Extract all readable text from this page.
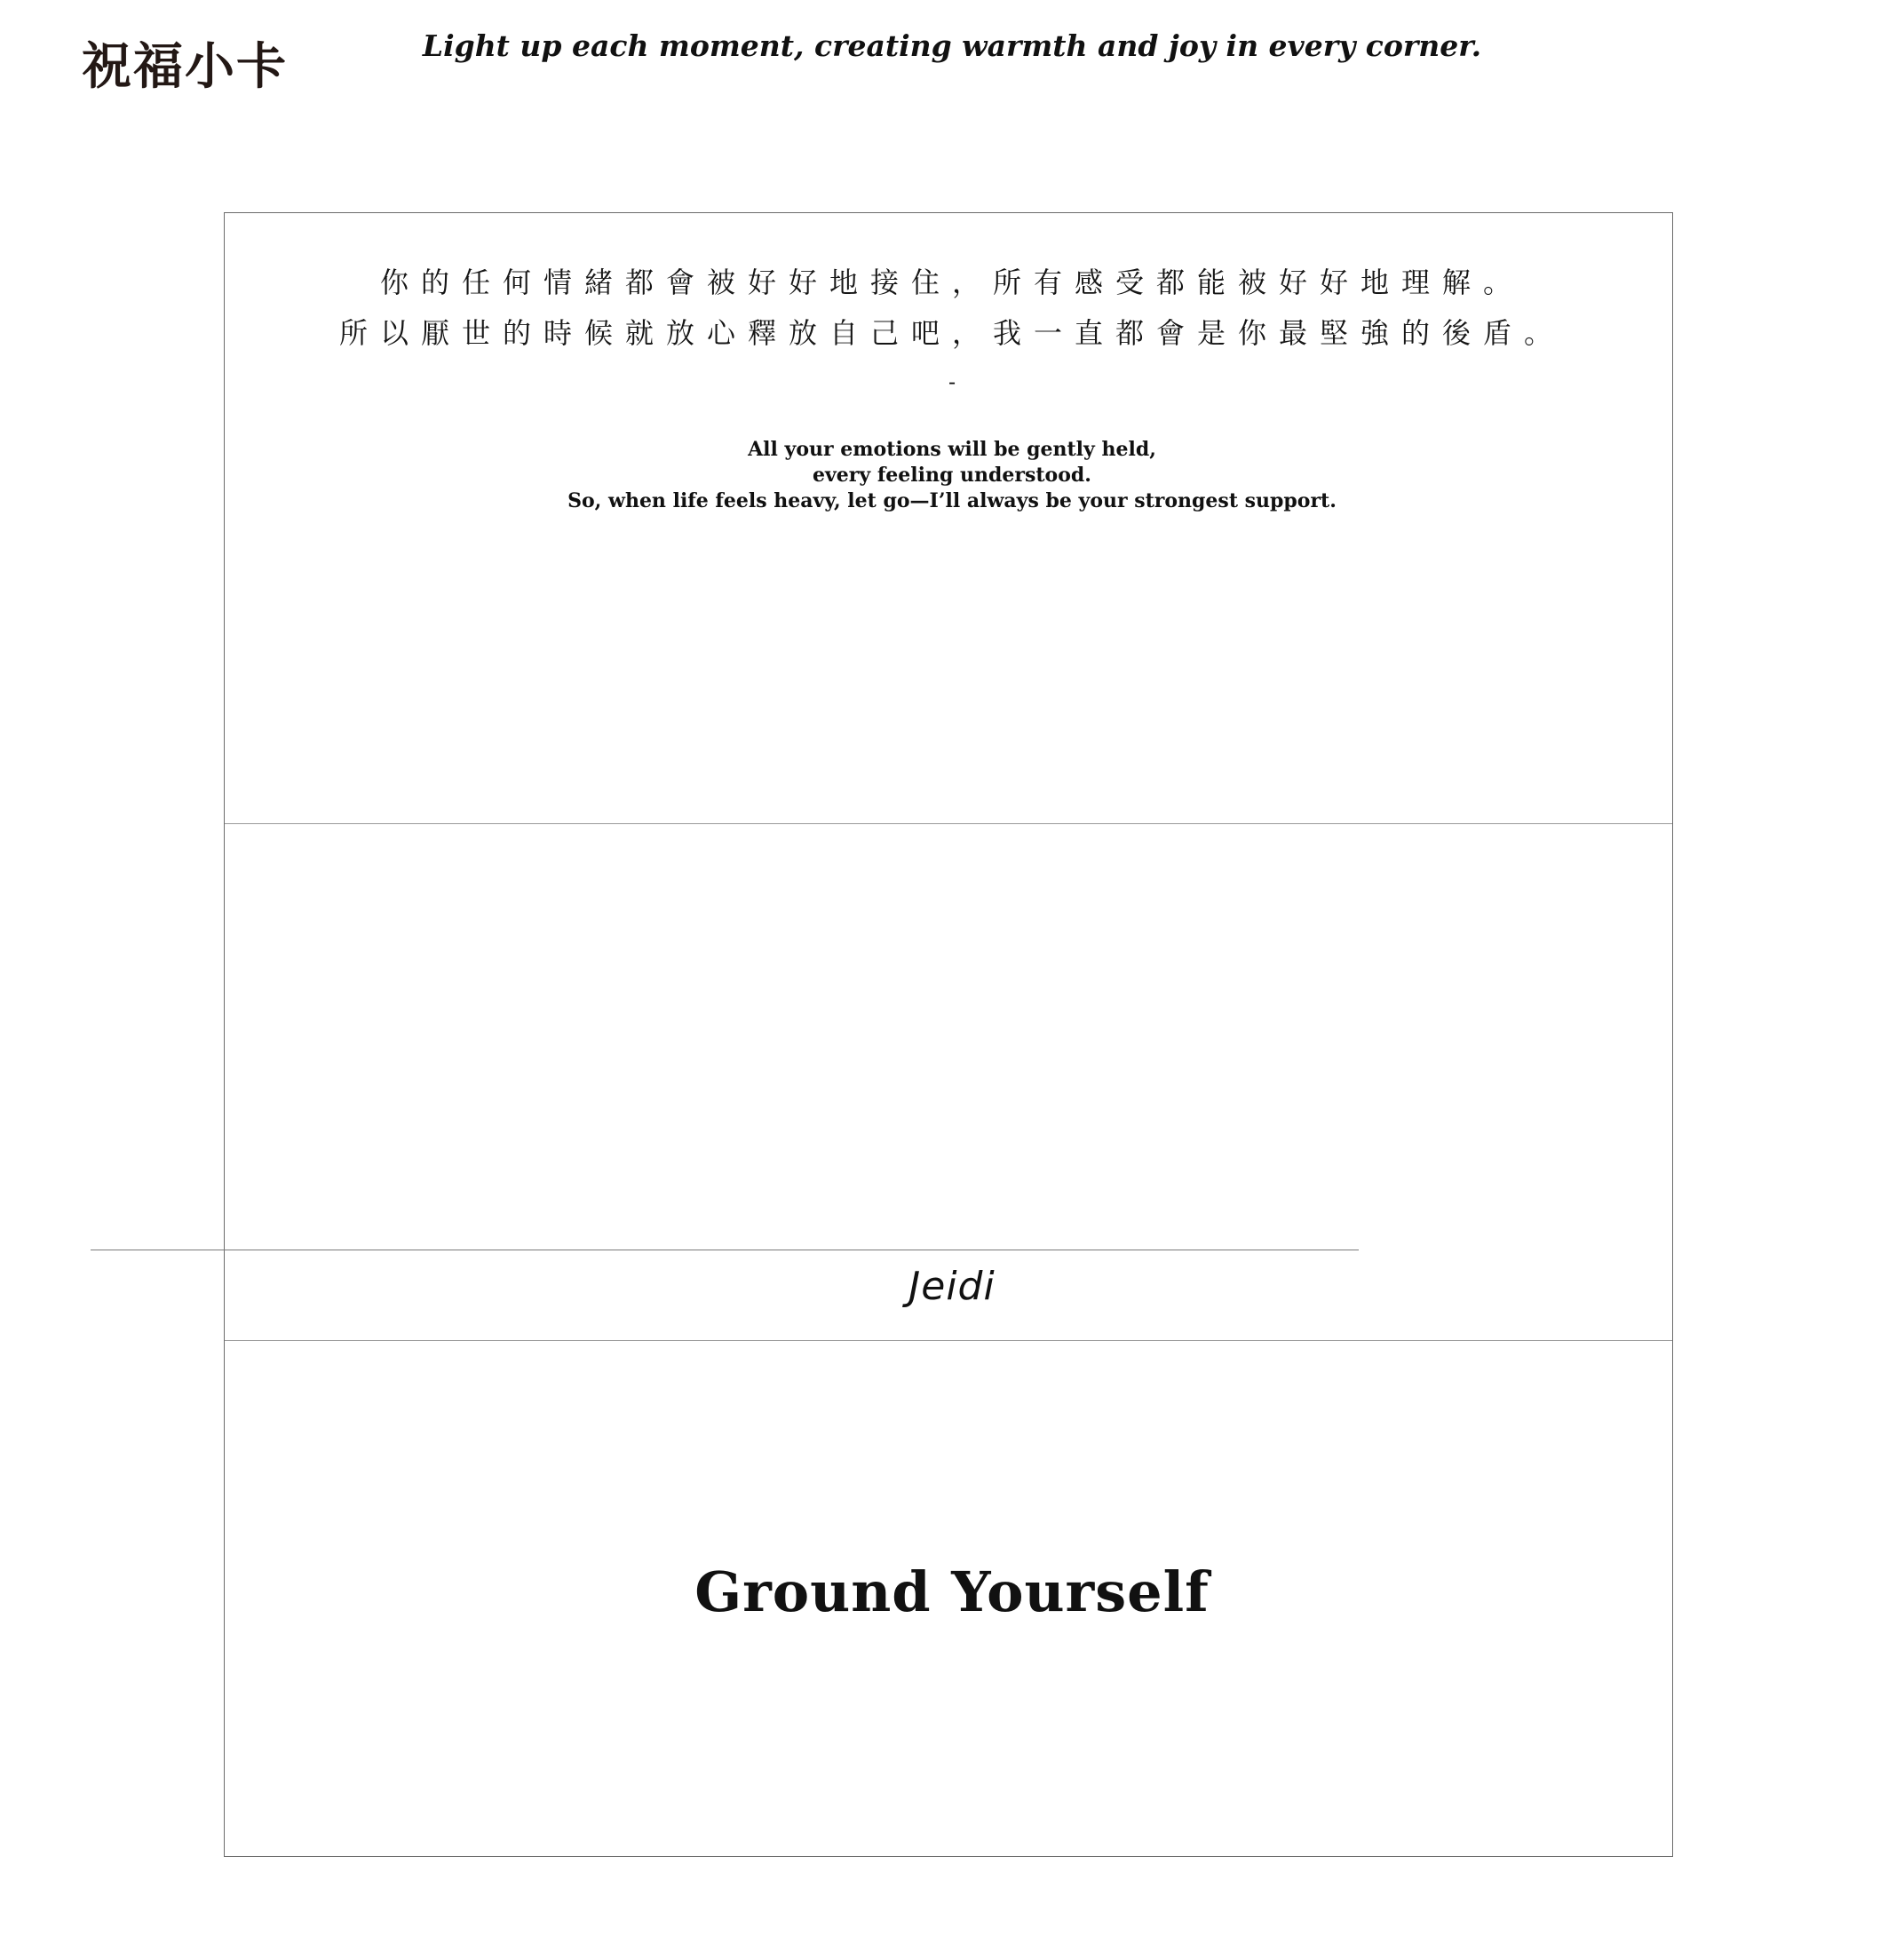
祝福小卡	Light up each moment, creating warmth and joy in every corner.
你的任何情緒都會被好好地接住，所有感受都能被好好地理解。
所以厭世的時候就放心釋放自己吧，我一直都會是你最堅強的後盾。
-
All your emotions will be gently held,
every feeling understood.
So, when life feels heavy, let go—I’ll always be your strongest support.
Jeidi
Ground Yourself
